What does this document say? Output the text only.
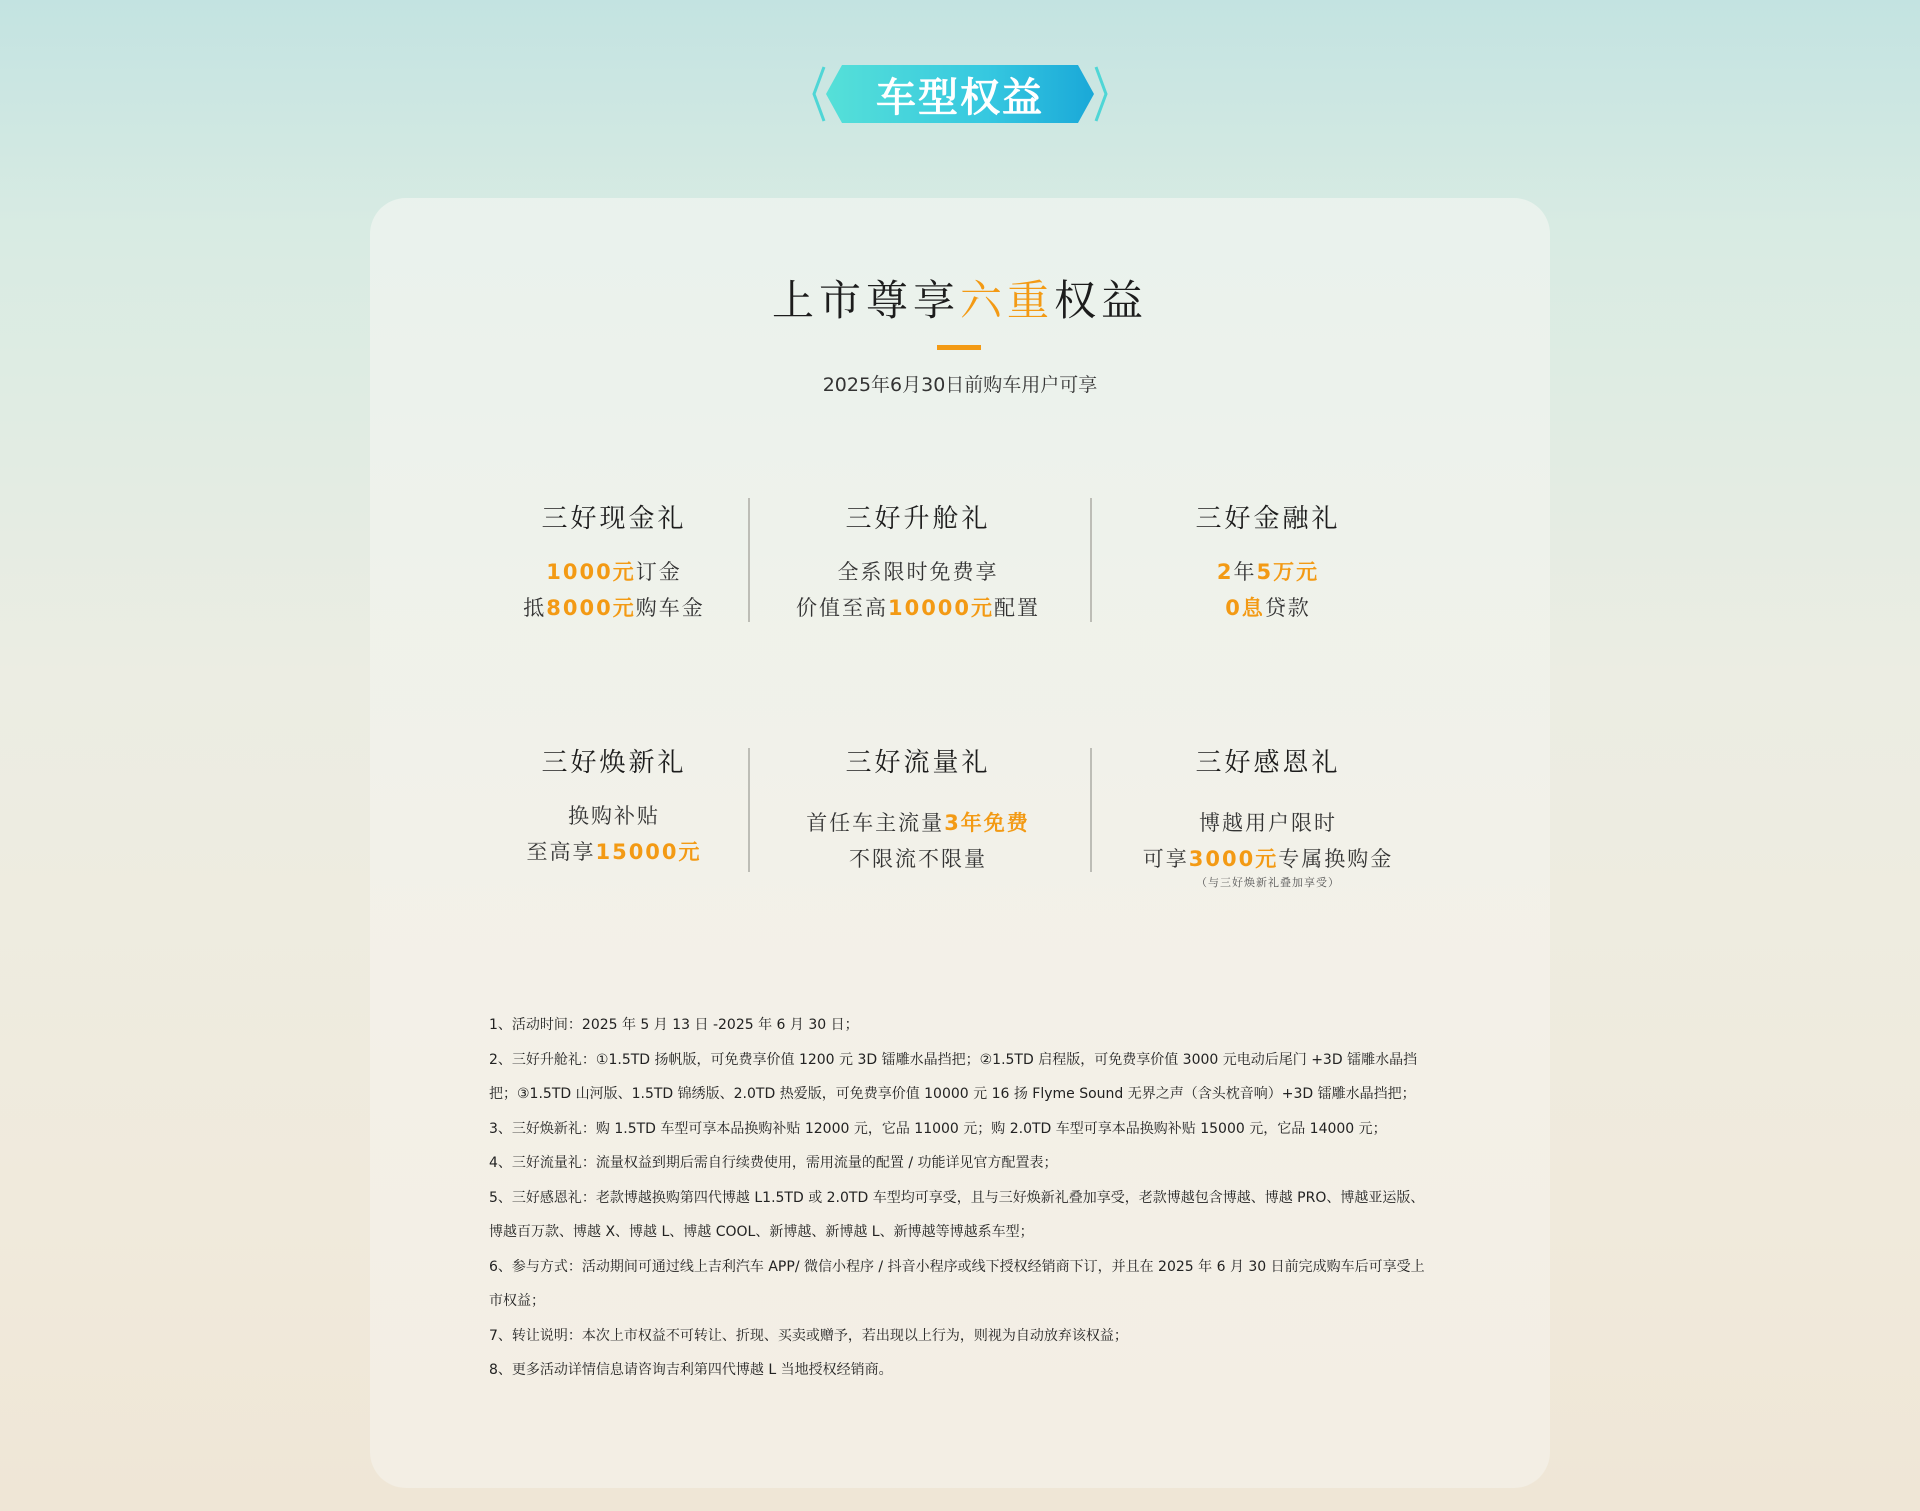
车型权益
上市尊享六重权益
2025年6月30日前购车用户可享
三好现金礼
1000元订金
抵8000元购车金
三好升舱礼
全系限时免费享
价值至高10000元配置
三好金融礼
2年5万元
0息贷款
三好焕新礼
换购补贴
至高享15000元
三好流量礼
首任车主流量3年免费
不限流不限量
三好感恩礼
博越用户限时
可享3000元专属换购金
（与三好焕新礼叠加享受）
1、活动时间：2025 年 5 月 13 日 -2025 年 6 月 30 日；
2、三好升舱礼：①1.5TD 扬帆版，可免费享价值 1200 元 3D 镭雕水晶挡把；②1.5TD 启程版，可免费享价值 3000 元电动后尾门 +3D 镭雕水晶挡把；③1.5TD 山河版、1.5TD 锦绣版、2.0TD 热爱版，可免费享价值 10000 元 16 扬 Flyme Sound 无界之声（含头枕音响）+3D 镭雕水晶挡把；
3、三好焕新礼：购 1.5TD 车型可享本品换购补贴 12000 元，它品 11000 元；购 2.0TD 车型可享本品换购补贴 15000 元，它品 14000 元；
4、三好流量礼：流量权益到期后需自行续费使用，需用流量的配置 / 功能详见官方配置表；
5、三好感恩礼：老款博越换购第四代博越 L1.5TD 或 2.0TD 车型均可享受，且与三好焕新礼叠加享受，老款博越包含博越、博越 PRO、博越亚运版、博越百万款、博越 X、博越 L、博越 COOL、新博越、新博越 L、新博越等博越系车型；
6、参与方式：活动期间可通过线上吉利汽车 APP/ 微信小程序 / 抖音小程序或线下授权经销商下订，并且在 2025 年 6 月 30 日前完成购车后可享受上市权益；
7、转让说明：本次上市权益不可转让、折现、买卖或赠予，若出现以上行为，则视为自动放弃该权益；
8、更多活动详情信息请咨询吉利第四代博越 L 当地授权经销商。
